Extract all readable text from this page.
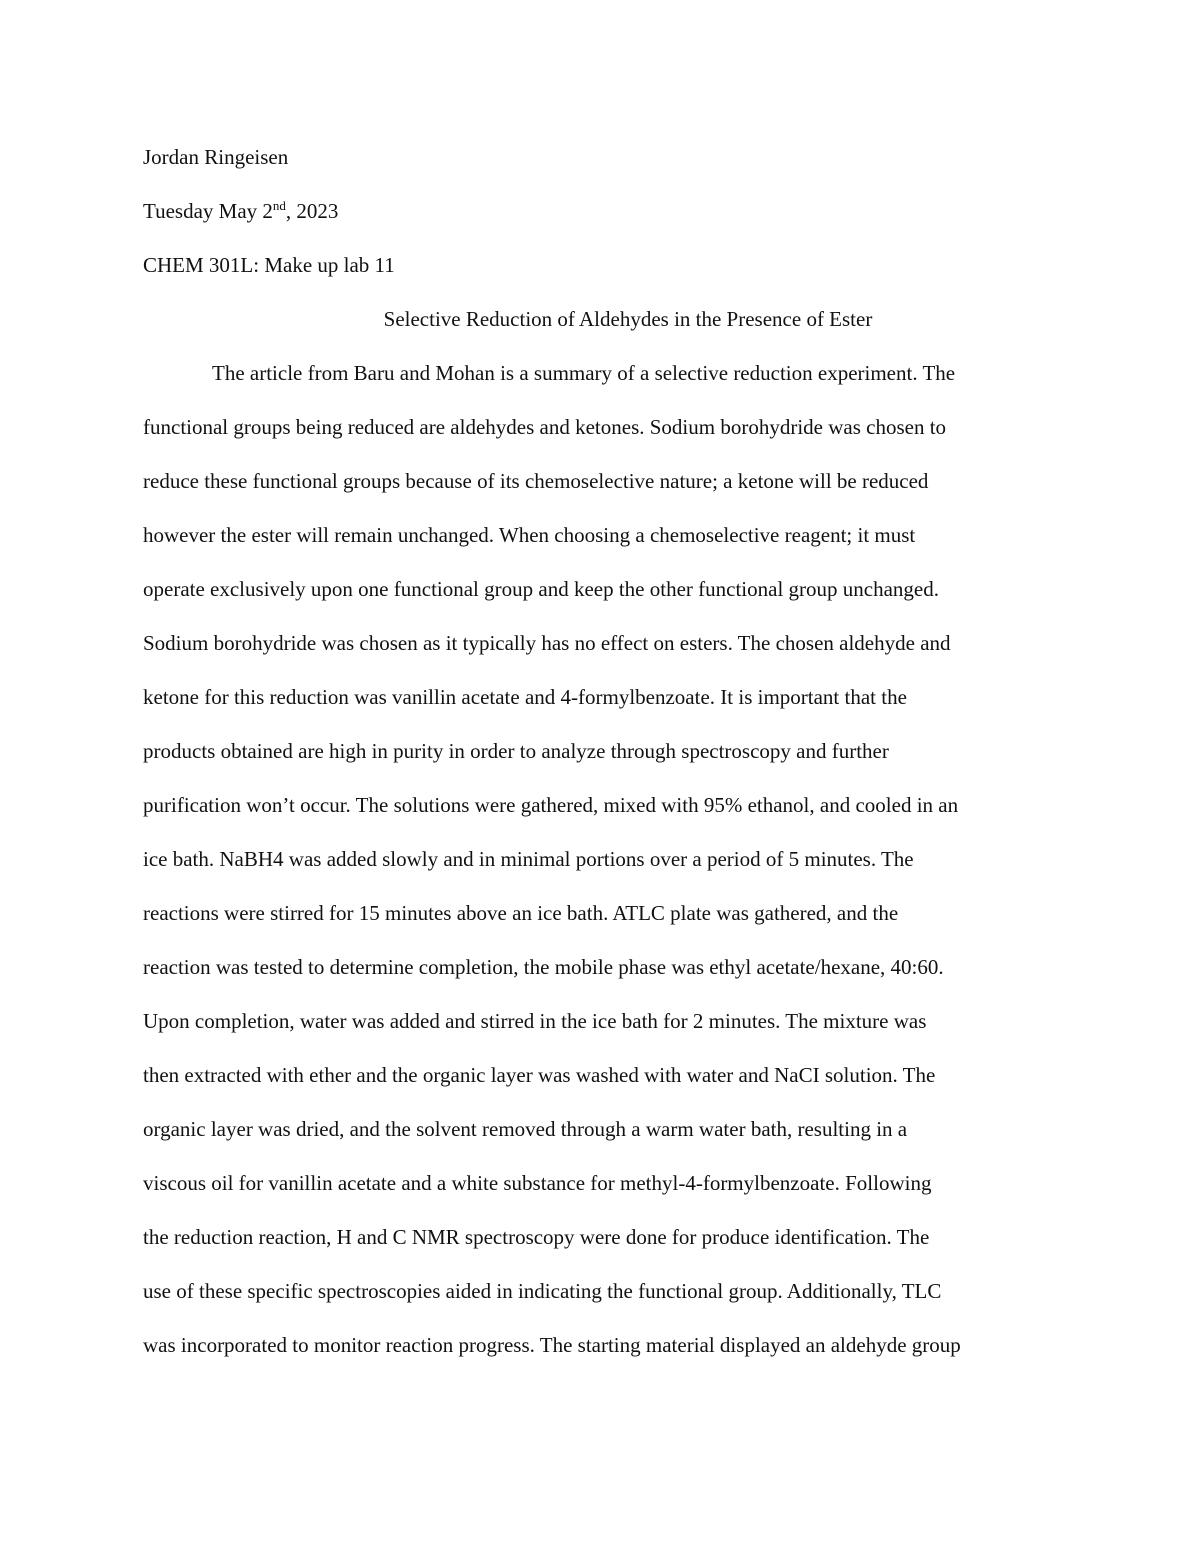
Jordan Ringeisen
Tuesday May 2nd, 2023
CHEM 301L: Make up lab 11
Selective Reduction of Aldehydes in the Presence of Ester
The article from Baru and Mohan is a summary of a selective reduction experiment. The
functional groups being reduced are aldehydes and ketones. Sodium borohydride was chosen to
reduce these functional groups because of its chemoselective nature; a ketone will be reduced
however the ester will remain unchanged. When choosing a chemoselective reagent; it must
operate exclusively upon one functional group and keep the other functional group unchanged.
Sodium borohydride was chosen as it typically has no effect on esters. The chosen aldehyde and
ketone for this reduction was vanillin acetate and 4-formylbenzoate. It is important that the
products obtained are high in purity in order to analyze through spectroscopy and further
purification won’t occur. The solutions were gathered, mixed with 95% ethanol, and cooled in an
ice bath. NaBH4 was added slowly and in minimal portions over a period of 5 minutes. The
reactions were stirred for 15 minutes above an ice bath. ATLC plate was gathered, and the
reaction was tested to determine completion, the mobile phase was ethyl acetate/hexane, 40:60.
Upon completion, water was added and stirred in the ice bath for 2 minutes. The mixture was
then extracted with ether and the organic layer was washed with water and NaCI solution. The
organic layer was dried, and the solvent removed through a warm water bath, resulting in a
viscous oil for vanillin acetate and a white substance for methyl-4-formylbenzoate. Following
the reduction reaction, H and C NMR spectroscopy were done for produce identification. The
use of these specific spectroscopies aided in indicating the functional group. Additionally, TLC
was incorporated to monitor reaction progress. The starting material displayed an aldehyde group
